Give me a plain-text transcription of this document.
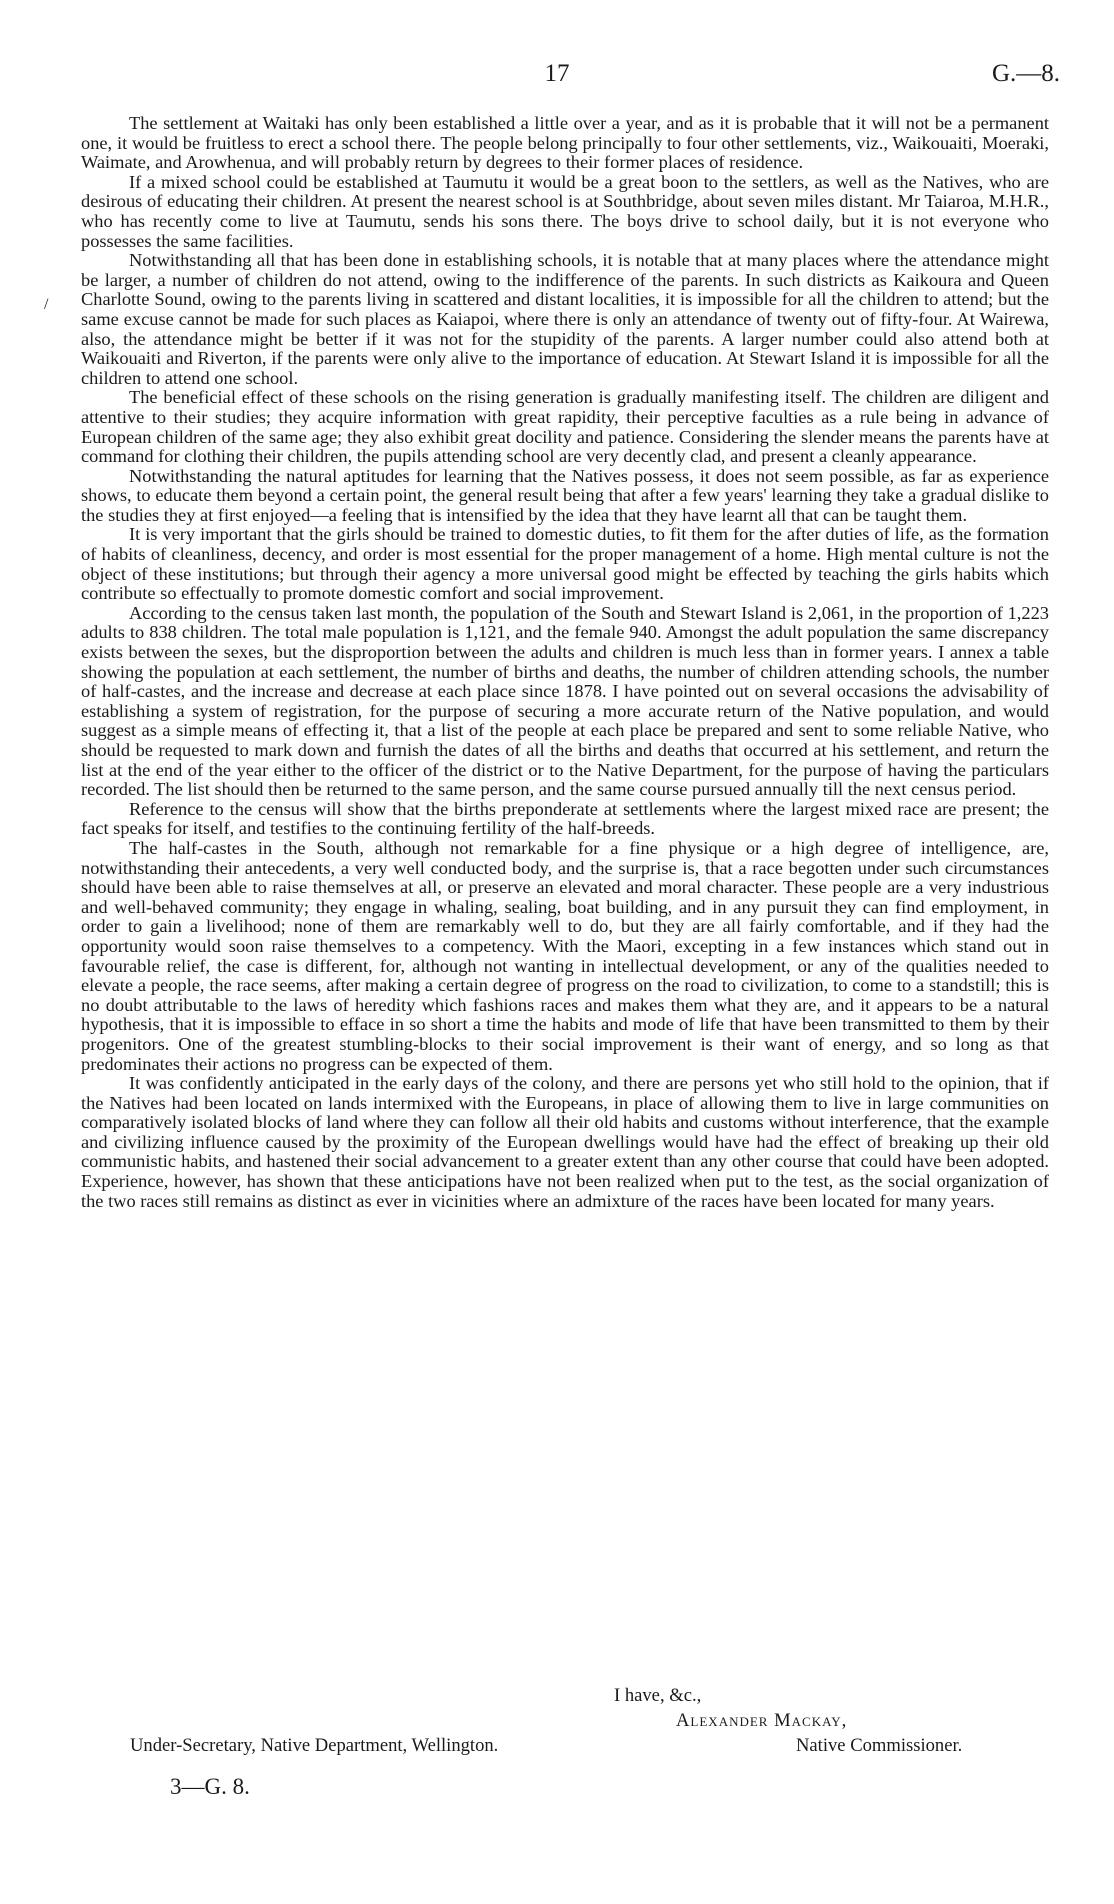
17	G.—8.
/

The settlement at Waitaki has only been established a little over a year, and as it is probable that it will not be a permanent one, it would be fruitless to erect a school there. The people belong principally to four other settlements, viz., Waikouaiti, Moeraki, Waimate, and Arowhenua, and will probably return by degrees to their former places of residence.

If a mixed school could be established at Taumutu it would be a great boon to the settlers, as well as the Natives, who are desirous of educating their children. At present the nearest school is at Southbridge, about seven miles distant. Mr Taiaroa, M.H.R., who has recently come to live at Taumutu, sends his sons there. The boys drive to school daily, but it is not everyone who possesses the same facilities.

Notwithstanding all that has been done in establishing schools, it is notable that at many places where the attendance might be larger, a number of children do not attend, owing to the indifference of the parents. In such districts as Kaikoura and Queen Charlotte Sound, owing to the parents living in scattered and distant localities, it is impossible for all the children to attend; but the same excuse cannot be made for such places as Kaiapoi, where there is only an attendance of twenty out of fifty-four. At Wairewa, also, the attendance might be better if it was not for the stupidity of the parents. A larger number could also attend both at Waikouaiti and Riverton, if the parents were only alive to the importance of education. At Stewart Island it is impossible for all the children to attend one school.

The beneficial effect of these schools on the rising generation is gradually manifesting itself. The children are diligent and attentive to their studies; they acquire information with great rapidity, their perceptive faculties as a rule being in advance of European children of the same age; they also exhibit great docility and patience. Considering the slender means the parents have at command for clothing their children, the pupils attending school are very decently clad, and present a cleanly appearance.

Notwithstanding the natural aptitudes for learning that the Natives possess, it does not seem possible, as far as experience shows, to educate them beyond a certain point, the general result being that after a few years' learning they take a gradual dislike to the studies they at first enjoyed—a feeling that is intensified by the idea that they have learnt all that can be taught them.

It is very important that the girls should be trained to domestic duties, to fit them for the after duties of life, as the formation of habits of cleanliness, decency, and order is most essential for the proper management of a home. High mental culture is not the object of these institutions; but through their agency a more universal good might be effected by teaching the girls habits which contribute so effectually to promote domestic comfort and social improvement.

According to the census taken last month, the population of the South and Stewart Island is 2,061, in the proportion of 1,223 adults to 838 children. The total male population is 1,121, and the female 940. Amongst the adult population the same discrepancy exists between the sexes, but the disproportion between the adults and children is much less than in former years. I annex a table showing the population at each settlement, the number of births and deaths, the number of children attending schools, the number of half-castes, and the increase and decrease at each place since 1878. I have pointed out on several occasions the advisability of establishing a system of registration, for the purpose of securing a more accurate return of the Native population, and would suggest as a simple means of effecting it, that a list of the people at each place be prepared and sent to some reliable Native, who should be requested to mark down and furnish the dates of all the births and deaths that occurred at his settlement, and return the list at the end of the year either to the officer of the district or to the Native Department, for the purpose of having the particulars recorded. The list should then be returned to the same person, and the same course pursued annually till the next census period.

Reference to the census will show that the births preponderate at settlements where the largest mixed race are present; the fact speaks for itself, and testifies to the continuing fertility of the half-breeds.

The half-castes in the South, although not remarkable for a fine physique or a high degree of intelligence, are, notwithstanding their antecedents, a very well conducted body, and the surprise is, that a race begotten under such circumstances should have been able to raise themselves at all, or preserve an elevated and moral character. These people are a very industrious and well-behaved community; they engage in whaling, sealing, boat building, and in any pursuit they can find employment, in order to gain a livelihood; none of them are remarkably well to do, but they are all fairly comfortable, and if they had the opportunity would soon raise themselves to a competency. With the Maori, excepting in a few instances which stand out in favourable relief, the case is different, for, although not wanting in intellectual development, or any of the qualities needed to elevate a people, the race seems, after making a certain degree of progress on the road to civilization, to come to a standstill; this is no doubt attributable to the laws of heredity which fashions races and makes them what they are, and it appears to be a natural hypothesis, that it is impossible to efface in so short a time the habits and mode of life that have been transmitted to them by their progenitors. One of the greatest stumbling-blocks to their social improvement is their want of energy, and so long as that predominates their actions no progress can be expected of them.

It was confidently anticipated in the early days of the colony, and there are persons yet who still hold to the opinion, that if the Natives had been located on lands intermixed with the Europeans, in place of allowing them to live in large communities on comparatively isolated blocks of land where they can follow all their old habits and customs without interference, that the example and civilizing influence caused by the proximity of the European dwellings would have had the effect of breaking up their old communistic habits, and hastened their social advancement to a greater extent than any other course that could have been adopted. Experience, however, has shown that these anticipations have not been realized when put to the test, as the social organization of the two races still remains as distinct as ever in vicinities where an admixture of the races have been located for many years.

I have, &c.,
Alexander Mackay,
Under-Secretary, Native Department, Wellington.	Native Commissioner.
3—G. 8.
